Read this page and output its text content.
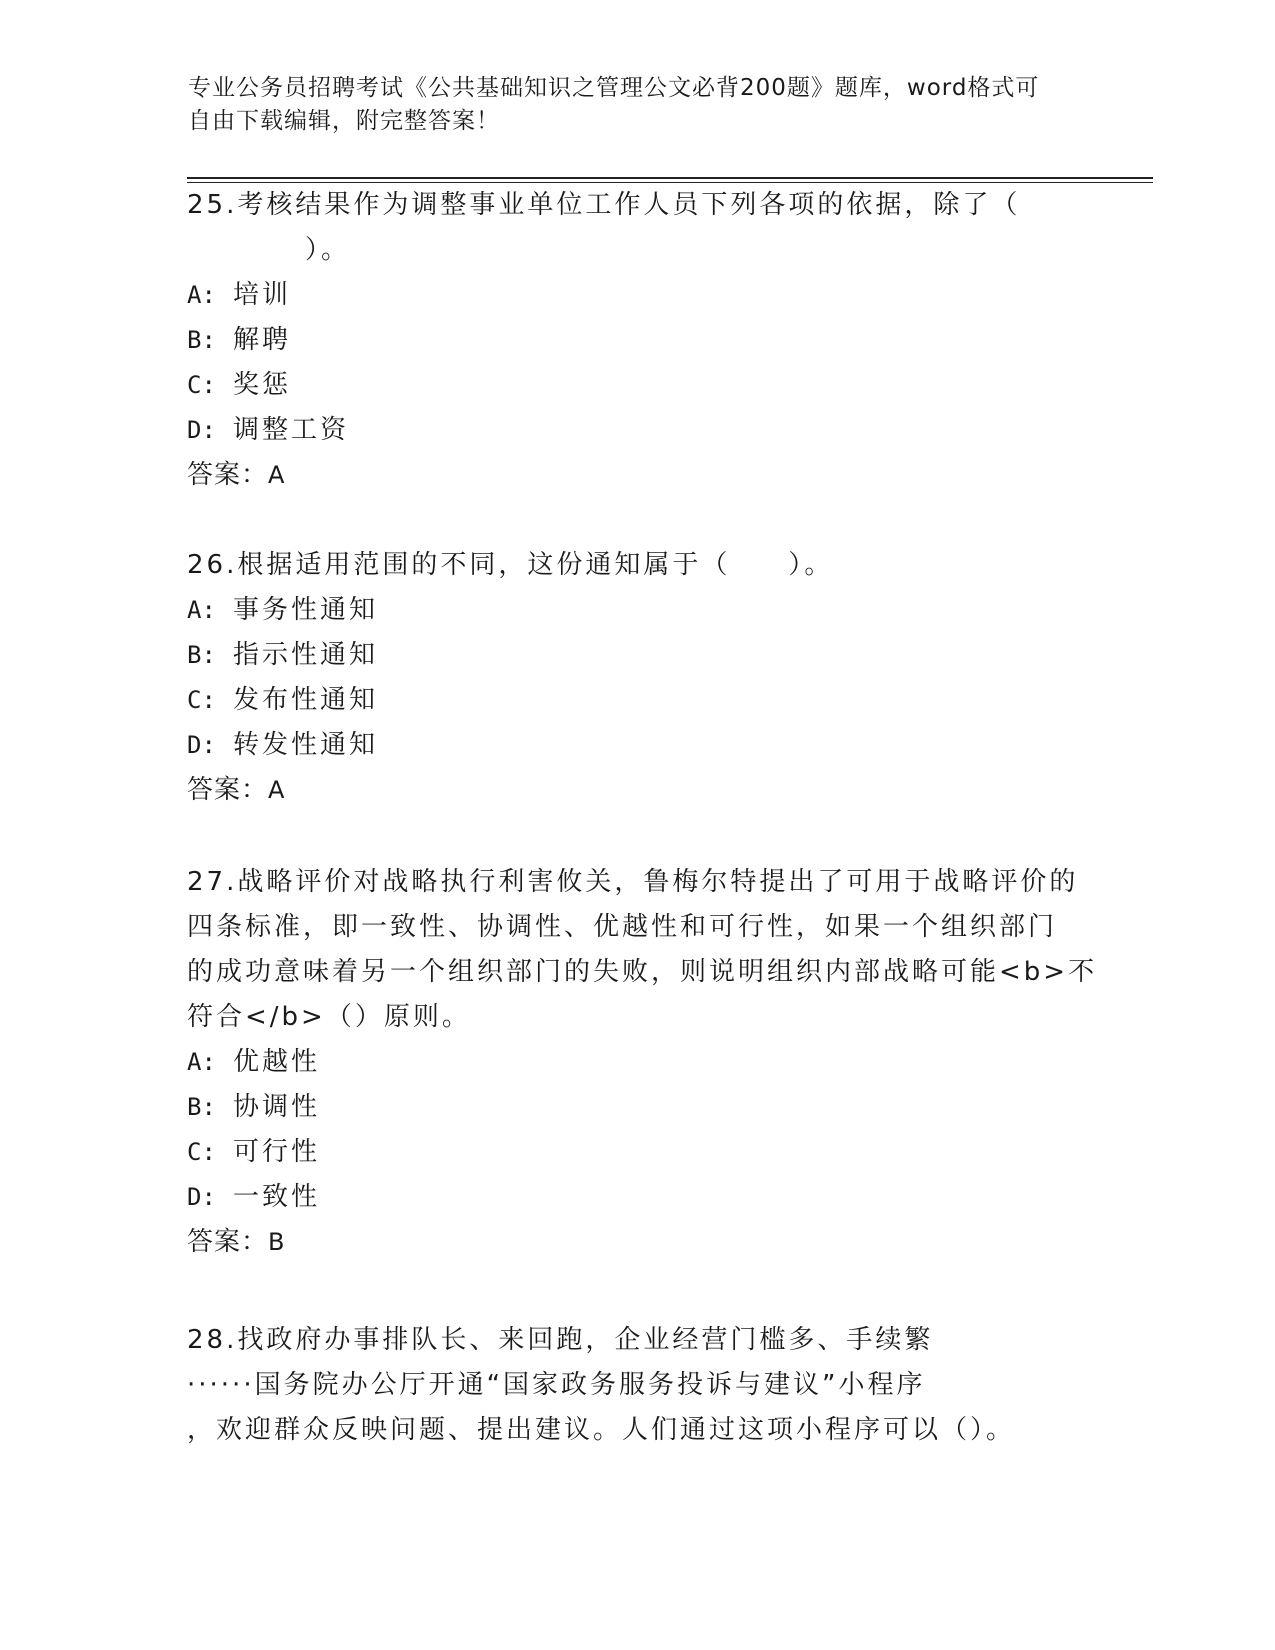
专业公务员招聘考试《公共基础知识之管理公文必背200题》题库，word格式可
自由下载编辑，附完整答案！
25.考核结果作为调整事业单位工作人员下列各项的依据，除了（
）。
A: 培训
B: 解聘
C: 奖惩
D: 调整工资
答案：A
26.根据适用范围的不同，这份通知属于（　　）。
A: 事务性通知
B: 指示性通知
C: 发布性通知
D: 转发性通知
答案：A
27.战略评价对战略执行利害攸关，鲁梅尔特提出了可用于战略评价的
四条标准，即一致性、协调性、优越性和可行性，如果一个组织部门
的成功意味着另一个组织部门的失败，则说明组织内部战略可能<b>不
符合</b>（）原则。
A: 优越性
B: 协调性
C: 可行性
D: 一致性
答案：B
28.找政府办事排队长、来回跑，企业经营门槛多、手续繁
······国务院办公厅开通“国家政务服务投诉与建议”小程序
，欢迎群众反映问题、提出建议。人们通过这项小程序可以（）。
